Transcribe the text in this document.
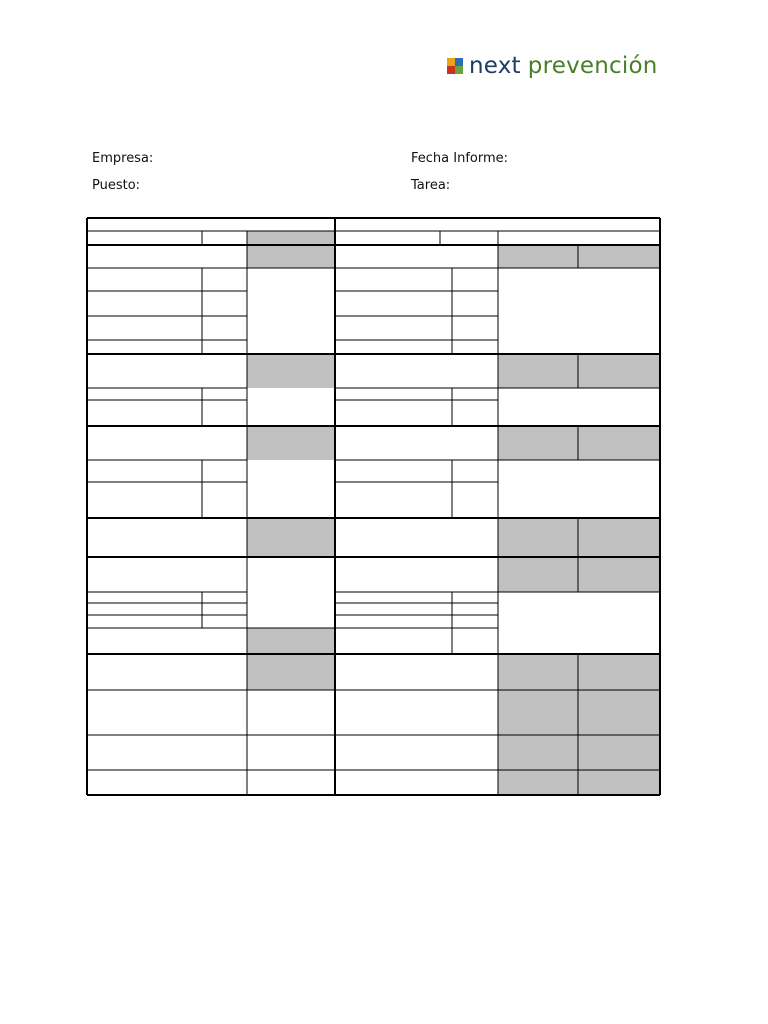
next prevención
Empresa:	Fecha Informe:
Puesto:	Tarea:
